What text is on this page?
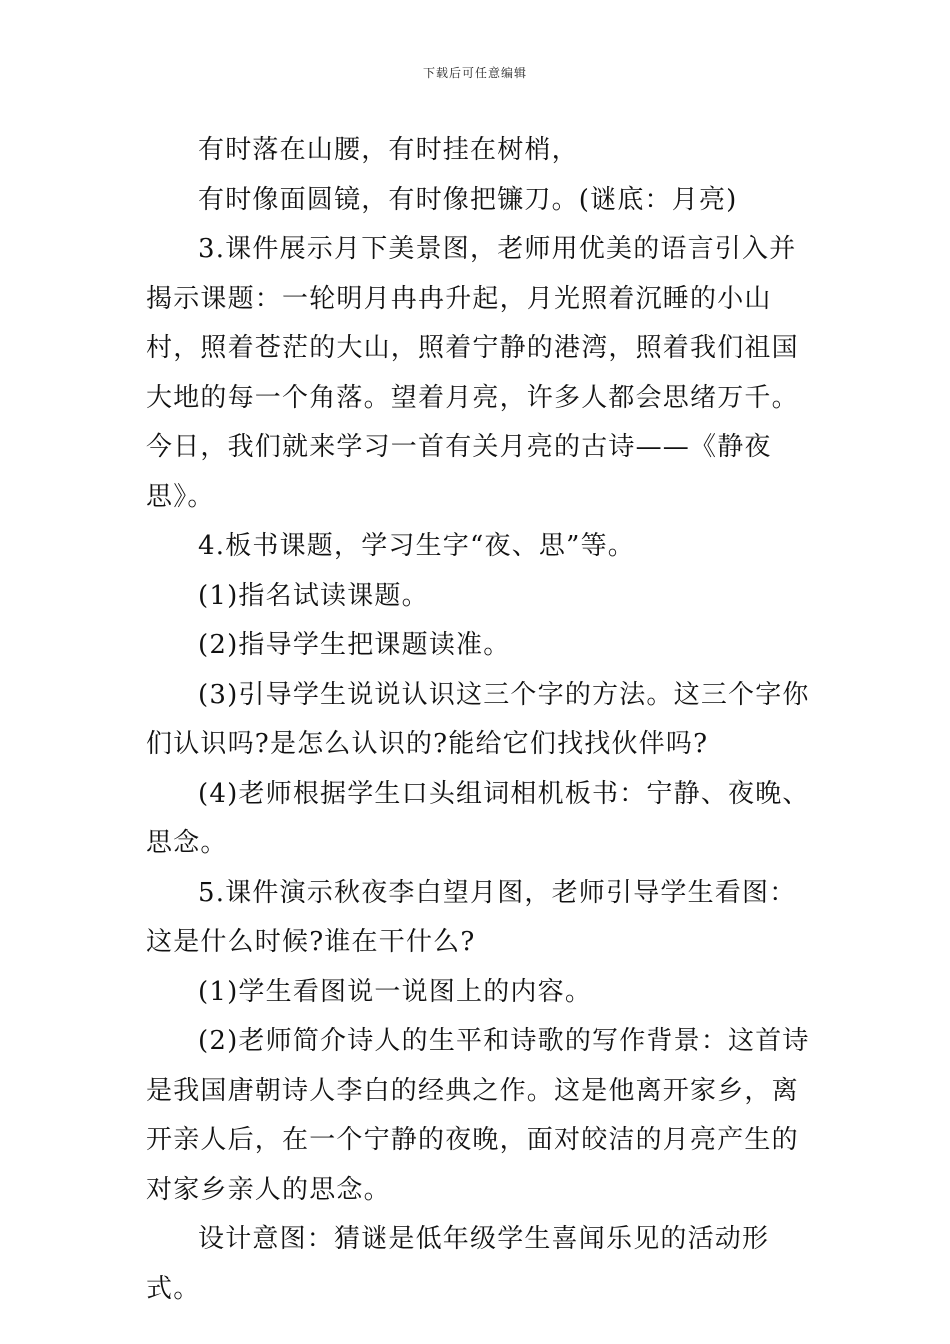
下载后可任意编辑

有时落在山腰，有时挂在树梢，

有时像面圆镜，有时像把镰刀。(谜底：月亮)

3.课件展示月下美景图，老师用优美的语言引入并揭示课题：一轮明月冉冉升起，月光照着沉睡的小山村，照着苍茫的大山，照着宁静的港湾，照着我们祖国大地的每一个角落。望着月亮，许多人都会思绪万千。今日，我们就来学习一首有关月亮的古诗——《静夜思》。

4.板书课题，学习生字“夜、思”等。

(1)指名试读课题。

(2)指导学生把课题读准。

(3)引导学生说说认识这三个字的方法。这三个字你们认识吗?是怎么认识的?能给它们找找伙伴吗?

(4)老师根据学生口头组词相机板书：宁静、夜晚、思念。

5.课件演示秋夜李白望月图，老师引导学生看图：这是什么时候?谁在干什么?

(1)学生看图说一说图上的内容。

(2)老师简介诗人的生平和诗歌的写作背景：这首诗是我国唐朝诗人李白的经典之作。这是他离开家乡，离开亲人后，在一个宁静的夜晚，面对皎洁的月亮产生的对家乡亲人的思念。

设计意图：猜谜是低年级学生喜闻乐见的活动形式。
